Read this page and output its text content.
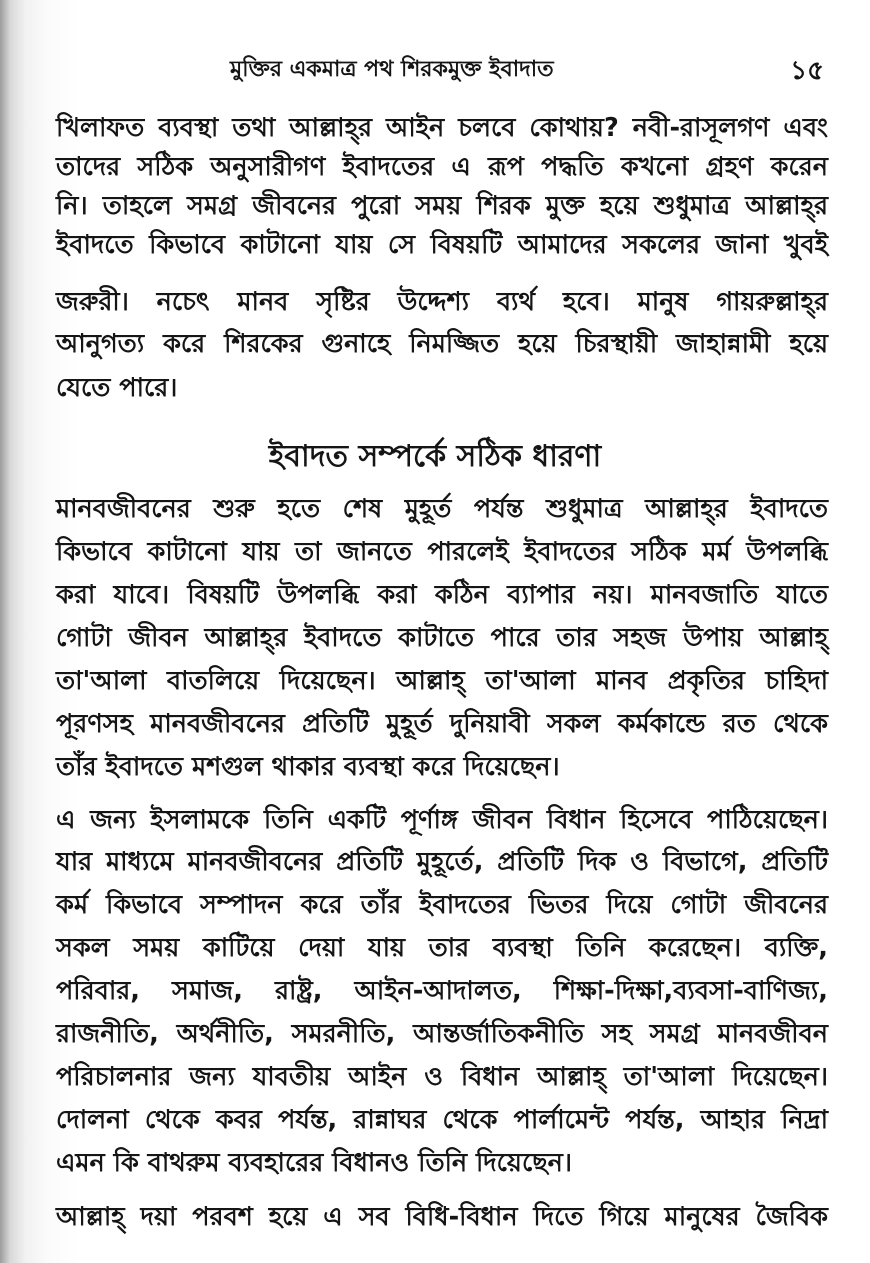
মুক্তির একমাত্র পথ শিরকমুক্ত ইবাদাত	১৫
খিলাফত ব্যবস্থা তথা আল্লাহ্‌র আইন চলবে কোথায়? নবী-রাসূলগণ এবং
তাদের সঠিক অনুসারীগণ ইবাদতের এ রূপ পদ্ধতি কখনো গ্রহণ করেন
নি। তাহলে সমগ্র জীবনের পুরো সময় শিরক মুক্ত হয়ে শুধুমাত্র আল্লাহ্‌র
ইবাদতে কিভাবে কাটানো যায় সে বিষয়টি আমাদের সকলের জানা খুবই
জরুরী। নচেৎ মানব সৃষ্টির উদ্দেশ্য ব্যর্থ হবে। মানুষ গায়রুল্লাহ্‌র
আনুগত্য করে শিরকের গুনাহে নিমজ্জিত হয়ে চিরস্থায়ী জাহান্নামী হয়ে
যেতে পারে।
ইবাদত সম্পর্কে সঠিক ধারণা
মানবজীবনের শুরু হতে শেষ মুহূর্ত পর্যন্ত শুধুমাত্র আল্লাহ্‌র ইবাদতে
কিভাবে কাটানো যায় তা জানতে পারলেই ইবাদতের সঠিক মর্ম উপলব্ধি
করা যাবে। বিষয়টি উপলব্ধি করা কঠিন ব্যাপার নয়। মানবজাতি যাতে
গোটা জীবন আল্লাহ্‌র ইবাদতে কাটাতে পারে তার সহজ উপায় আল্লাহ্‌
তা'আলা বাতলিয়ে দিয়েছেন। আল্লাহ্‌ তা'আলা মানব প্রকৃতির চাহিদা
পূরণসহ মানবজীবনের প্রতিটি মুহূর্ত দুনিয়াবী সকল কর্মকান্ডে রত থেকে
তাঁর ইবাদতে মশগুল থাকার ব্যবস্থা করে দিয়েছেন।
এ জন্য ইসলামকে তিনি একটি পূর্ণাঙ্গ জীবন বিধান হিসেবে পাঠিয়েছেন।
যার মাধ্যমে মানবজীবনের প্রতিটি মুহূর্তে, প্রতিটি দিক ও বিভাগে, প্রতিটি
কর্ম কিভাবে সম্পাদন করে তাঁর ইবাদতের ভিতর দিয়ে গোটা জীবনের
সকল সময় কাটিয়ে দেয়া যায় তার ব্যবস্থা তিনি করেছেন। ব্যক্তি,
পরিবার, সমাজ, রাষ্ট্র, আইন-আদালত, শিক্ষা-দিক্ষা,ব্যবসা-বাণিজ্য,
রাজনীতি, অর্থনীতি, সমরনীতি, আন্তর্জাতিকনীতি সহ সমগ্র মানবজীবন
পরিচালনার জন্য যাবতীয় আইন ও বিধান আল্লাহ্‌ তা'আলা দিয়েছেন।
দোলনা থেকে কবর পর্যন্ত, রান্নাঘর থেকে পার্লামেন্ট পর্যন্ত, আহার নিদ্রা
এমন কি বাথরুম ব্যবহারের বিধানও তিনি দিয়েছেন।
আল্লাহ্‌ দয়া পরবশ হয়ে এ সব বিধি-বিধান দিতে গিয়ে মানুষের জৈবিক
